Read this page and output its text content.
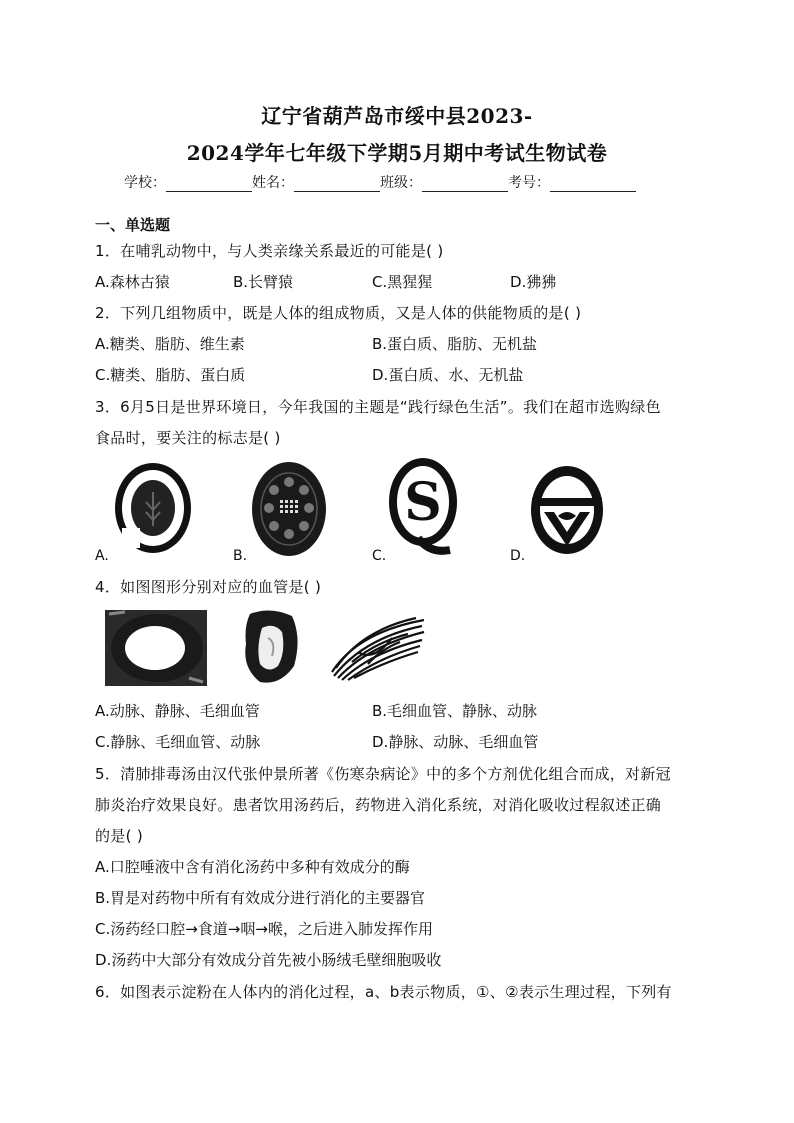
辽宁省葫芦岛市绥中县2023-
2024学年七年级下学期5月期中考试生物试卷
学校：	姓名：	班级：	考号：
一、单选题
1．在哺乳动物中，与人类亲缘关系最近的可能是( )
A.森林古猿	B.长臂猿	C.黑猩猩	D.狒狒
2．下列几组物质中，既是人体的组成物质，又是人体的供能物质的是( )
A.糖类、脂肪、维生素	B.蛋白质、脂肪、无机盐
C.糖类、脂肪、蛋白质	D.蛋白质、水、无机盐
3．6月5日是世界环境日，今年我国的主题是“践行绿色生活”。我们在超市选购绿色
食品时，要关注的标志是( )
A.	B.
S
C.	D.
4．如图图形分别对应的血管是( )
A.动脉、静脉、毛细血管	B.毛细血管、静脉、动脉
C.静脉、毛细血管、动脉	D.静脉、动脉、毛细血管
5．清肺排毒汤由汉代张仲景所著《伤寒杂病论》中的多个方剂优化组合而成，对新冠
肺炎治疗效果良好。患者饮用汤药后，药物进入消化系统，对消化吸收过程叙述正确
的是( )
A.口腔唾液中含有消化汤药中多种有效成分的酶
B.胃是对药物中所有有效成分进行消化的主要器官
C.汤药经口腔→食道→咽→喉，之后进入肺发挥作用
D.汤药中大部分有效成分首先被小肠绒毛壁细胞吸收
6．如图表示淀粉在人体内的消化过程，a、b表示物质，①、②表示生理过程，下列有
